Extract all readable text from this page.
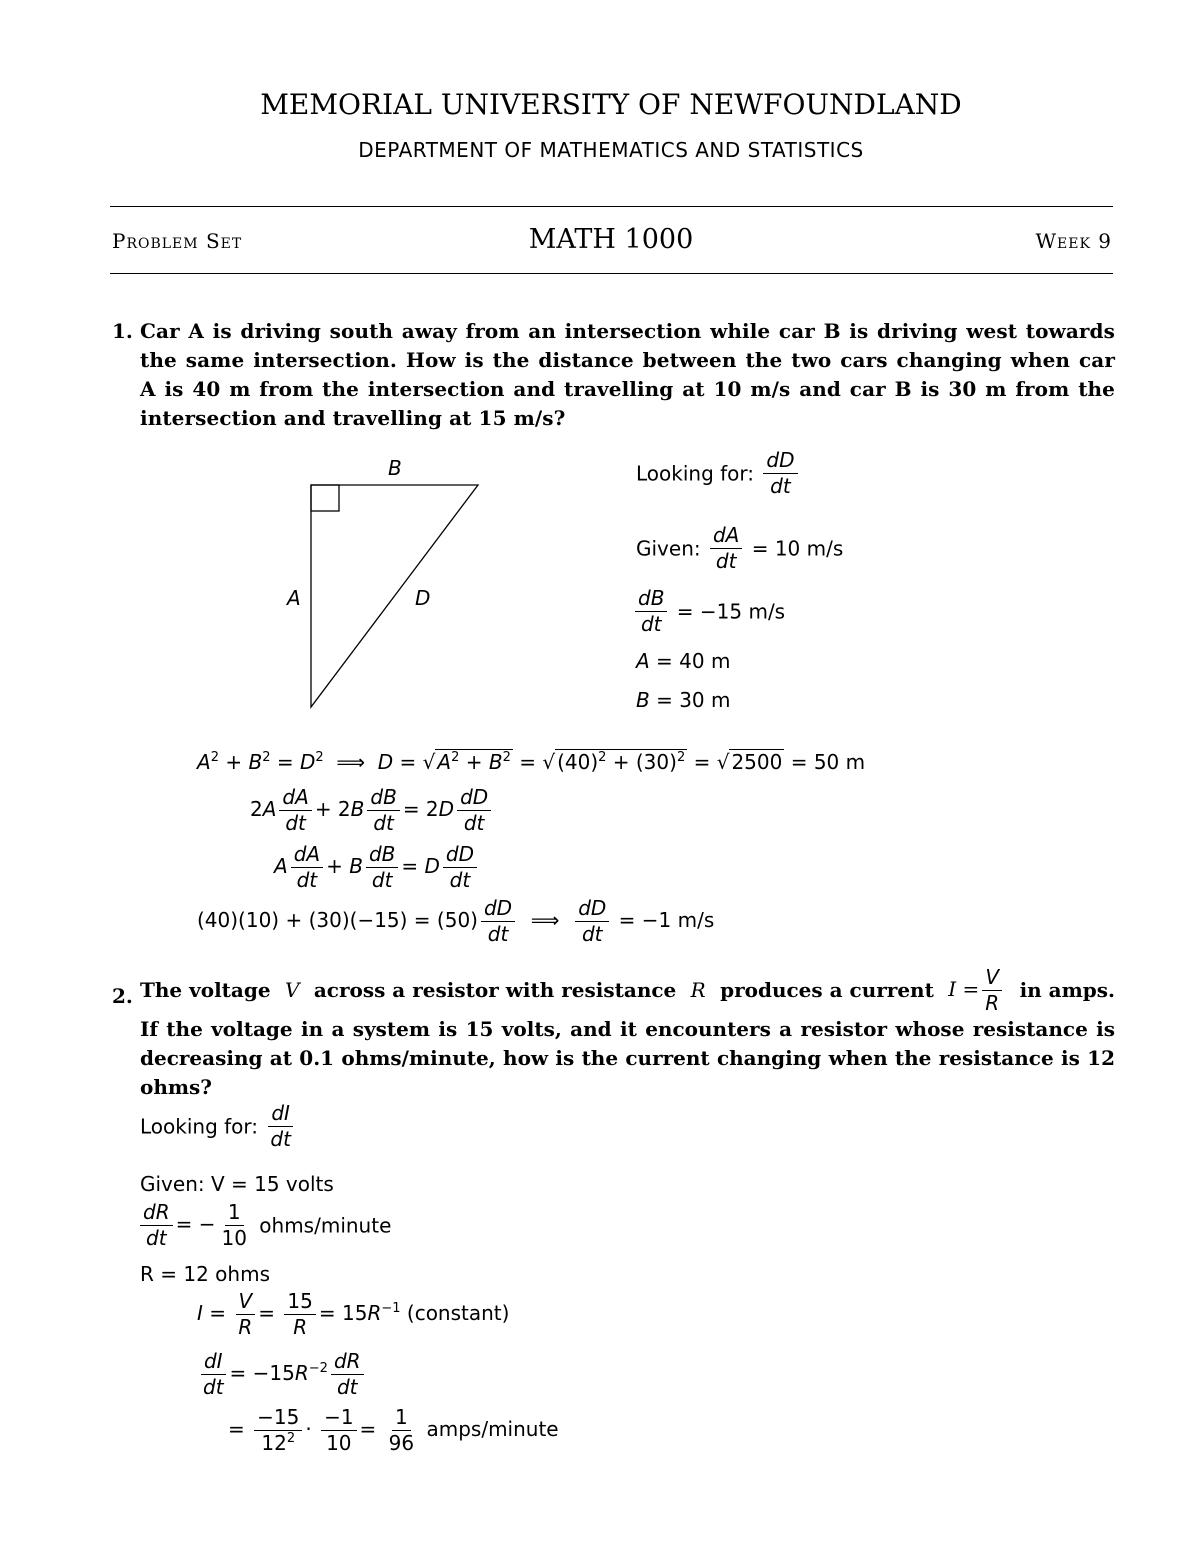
MEMORIAL UNIVERSITY OF NEWFOUNDLAND
DEPARTMENT OF MATHEMATICS AND STATISTICS
Problem Set	MATH 1000	Week 9
1. Car A is driving south away from an intersection while car B is driving west towards
the same intersection. How is the distance between the two cars changing when car
A is 40 m from the intersection and travelling at 10 m/s and car B is 30 m from the
intersection and travelling at 15 m/s?
B
A	D
Looking for: $\frac{dD}{dt}$
Given: $\frac{dA}{dt} = 10$ m/s
$\frac{dB}{dt} = -15$ m/s
A = 40 m
B = 30 m
$A^2 + B^2 = D^2$  ⟹  D = √ $A^2 + B^2$ = √ $(40)^2 + (30)^2$ = √ 2500 = 50 m
$2A \frac{dA}{dt} + 2B \frac{dB}{dt} = 2D \frac{dD}{dt}$
A $\frac{dA}{dt} + B \frac{dB}{dt} = D \frac{dD}{dt}$
$(40)(10) + (30)(-15) = (50) \frac{dD}{dt}$ ⟹ $\frac{dD}{dt} = -1$ m/s
2. The voltage V across a resistor with resistance R produces a current $I = \frac{V}{R}$ in amps.
If the voltage in a system is 15 volts, and it encounters a resistor whose resistance is
decreasing at 0.1 ohms/minute, how is the current changing when the resistance is 12
ohms?
Looking for: $\frac{dI}{dt}$
Given: V = 15 volts
$\frac{dR}{dt}$ = − $\frac{1}{10}$ ohms/minute
R = 12 ohms
$I = \frac{V}{R} = \frac{15}{R} = 15R^{-1}$ (constant)
$\frac{dI}{dt} = -15R^{-2} \frac{dR}{dt}$
= $\frac{-15}{12^2} \cdot \frac{-1}{10} = \frac{1}{96}$ amps/minute
